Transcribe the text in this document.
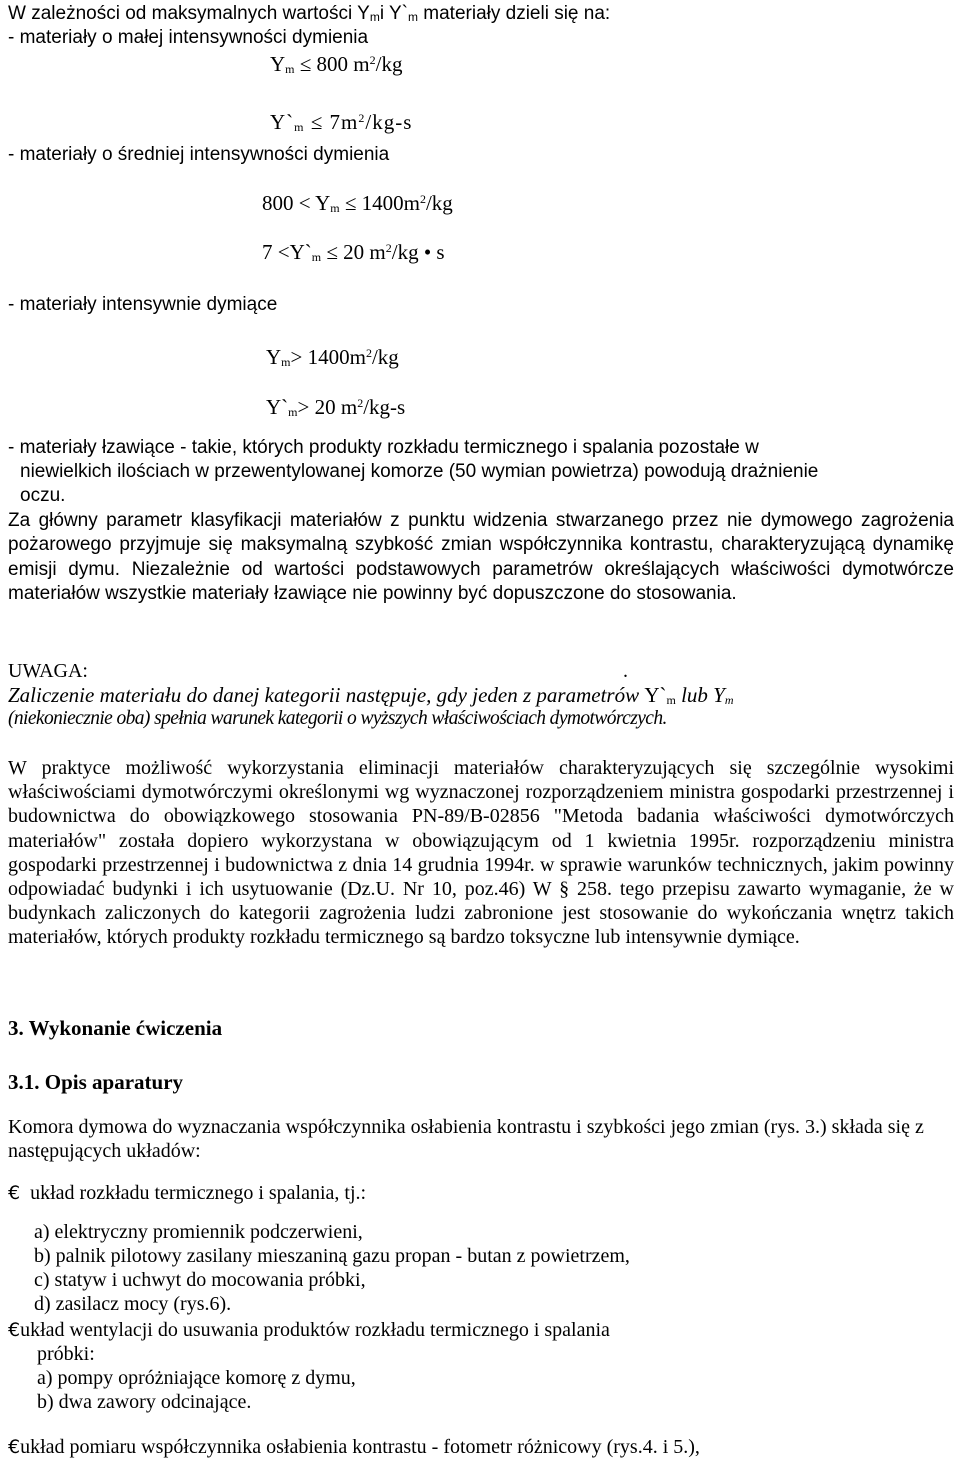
W zależności od maksymalnych wartości $Y_mi$ $Y`_m$ materiały dzieli się na:
- materiały o małej intensywności dymienia
$Y_m \le 800$ $m^2/kg$
$Y`_m \le 7m^2/kg-s$
- materiały o średniej intensywności dymienia
$800 < Y_m \le 1400m^2/kg$
$7 <Y`_m \le 20$ $m^2/kg$ • s
- materiały intensywnie dymiące
$Y_m> 1400m^2/kg$
$Y`_m> 20$ $m^2/kg-s$
- materiały łzawiące - takie, których produkty rozkładu termicznego i spalania pozostałe w
niewielkich ilościach w przewentylowanej komorze (50 wymian powietrza) powodują drażnienie
oczu.
Za główny parametr klasyfikacji materiałów z punktu widzenia stwarzanego przez nie dymowego zagrożenia pożarowego przyjmuje się maksymalną szybkość zmian współczynnika kontrastu, charakteryzującą dynamikę emisji dymu. Niezależnie od wartości podstawowych parametrów określających właściwości dymotwórcze materiałów wszystkie materiały łzawiące nie powinny być dopuszczone do stosowania.
UWAGA:	.
Zaliczenie materiału do danej kategorii następuje, gdy jeden z parametrów $Y`_m$ lub $Y_m$
(niekoniecznie oba) spełnia warunek kategorii o wyższych właściwościach dymotwórczych.
W praktyce możliwość wykorzystania eliminacji materiałów charakteryzujących się szczególnie wysokimi właściwościami dymotwórczymi określonymi wg wyznaczonej rozporządzeniem ministra gospodarki przestrzennej i budownictwa do obowiązkowego stosowania PN-89/B-02856 "Metoda badania właściwości dymotwórczych materiałów" została dopiero wykorzystana w obowiązującym od 1 kwietnia 1995r. rozporządzeniu ministra gospodarki przestrzennej i budownictwa z dnia 14 grudnia 1994r. w sprawie warunków technicznych, jakim powinny odpowiadać budynki i ich usytuowanie (Dz.U. Nr 10, poz.46) W § 258. tego przepisu zawarto wymaganie, że w budynkach zaliczonych do kategorii zagrożenia ludzi zabronione jest stosowanie do wykończania wnętrz takich materiałów, których produkty rozkładu termicznego są bardzo toksyczne lub intensywnie dymiące.
3. Wykonanie ćwiczenia
3.1. Opis aparatury
Komora dymowa do wyznaczania współczynnika osłabienia kontrastu i szybkości jego zmian (rys. 3.) składa się z następujących układów:
€ układ rozkładu termicznego i spalania, tj.:
a) elektryczny promiennik podczerwieni,
b) palnik pilotowy zasilany mieszaniną gazu propan - butan z powietrzem,
c) statyw i uchwyt do mocowania próbki,
d) zasilacz mocy (rys.6).
€układ wentylacji do usuwania produktów rozkładu termicznego i spalania
próbki:
a) pompy opróżniające komorę z dymu,
b) dwa zawory odcinające.
€układ pomiaru współczynnika osłabienia kontrastu - fotometr różnicowy (rys.4. i 5.),
